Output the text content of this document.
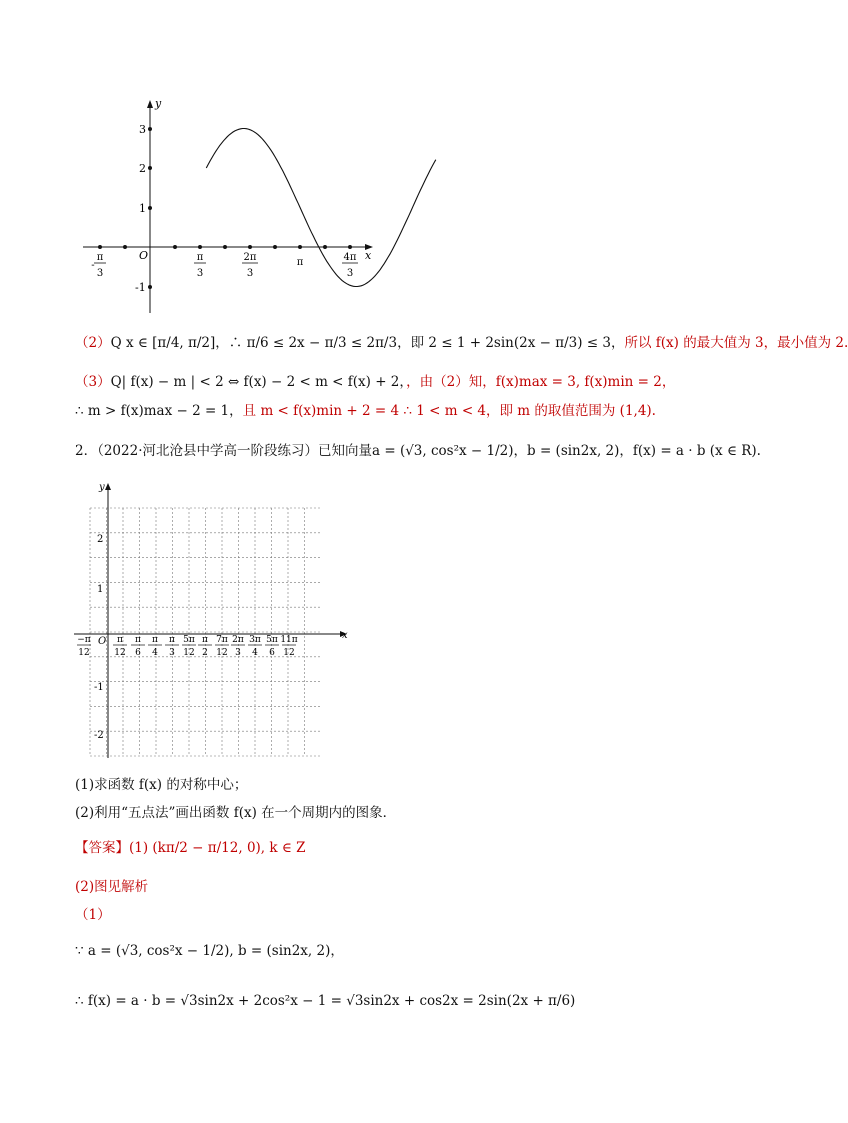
y
x
O
3
2
1
-1
-
π
3
π
3
2π
3
π	4π
3
（2）Q x ∈ [π/4, π/2]，∴ π/6 ≤ 2x − π/3 ≤ 2π/3，即 2 ≤ 1 + 2sin(2x − π/3) ≤ 3，所以 f(x) 的最大值为 3，最小值为 2.
（3）Q| f(x) − m | < 2 ⇔ f(x) − 2 < m < f(x) + 2，，由（2）知，f(x)max = 3, f(x)min = 2，
∴ m > f(x)max − 2 = 1，且 m < f(x)min + 2 = 4 ∴ 1 < m < 4，即 m 的取值范围为 (1,4).
2．（2022·河北沧县中学高一阶段练习）已知向量a = (√3, cos²x − 1/2)，b = (sin2x, 2)，f(x) = a · b (x ∈ R).
y
x
O
2
1
-1
-2
−π
12
π
12
π
6
π
4
π
3
5π
12
π
2
7π
12
2π
3
3π
4
5π
6
11π
12
(1)求函数 f(x) 的对称中心；
(2)利用“五点法”画出函数 f(x) 在一个周期内的图象．
【答案】(1) (kπ/2 − π/12, 0), k ∈ Z
(2)图见解析
（1）
∵ a = (√3, cos²x − 1/2), b = (sin2x, 2)，
∴ f(x) = a · b = √3sin2x + 2cos²x − 1 = √3sin2x + cos2x = 2sin(2x + π/6)
